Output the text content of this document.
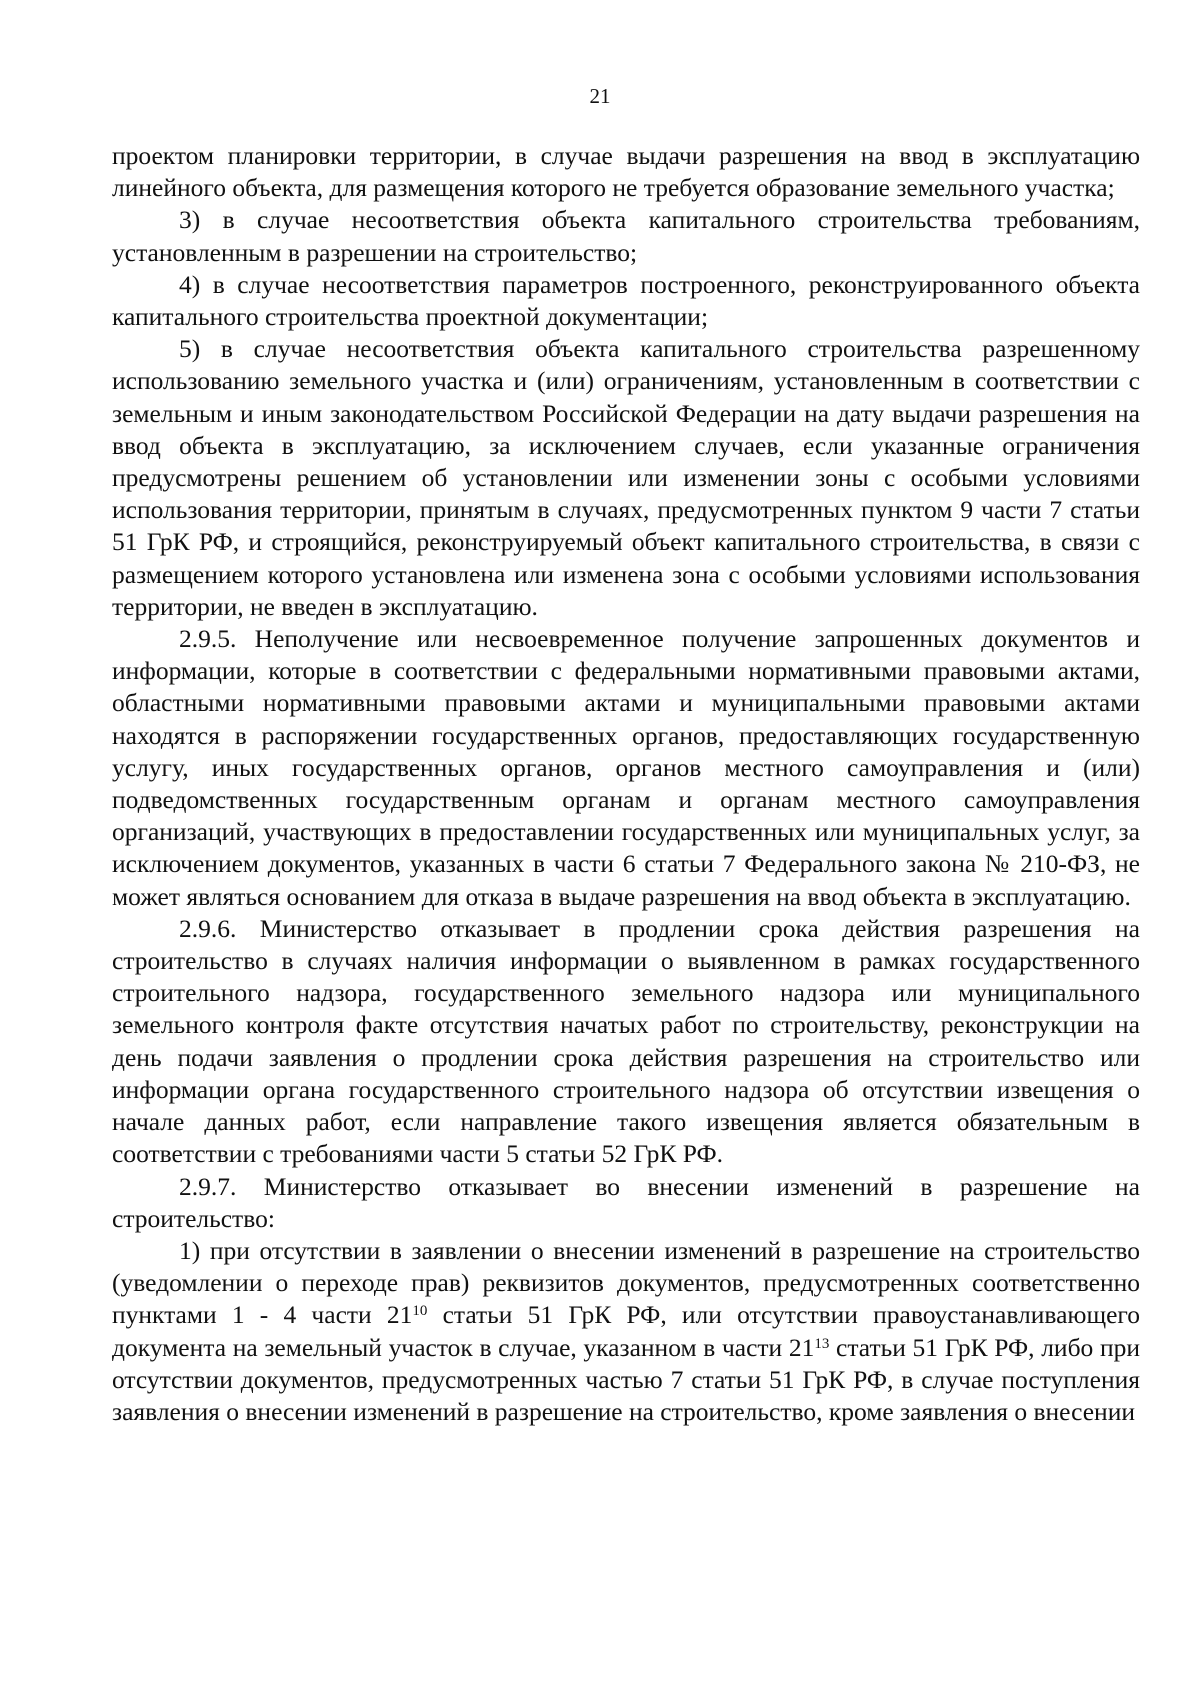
21

проектом планировки территории, в случае выдачи разрешения на ввод в эксплуатацию линейного объекта, для размещения которого не требуется образование земельного участка;

3) в случае несоответствия объекта капитального строительства требованиям, установленным в разрешении на строительство;

4) в случае несоответствия параметров построенного, реконструированного объекта капитального строительства проектной документации;

5) в случае несоответствия объекта капитального строительства разрешенному использованию земельного участка и (или) ограничениям, установленным в соответствии с земельным и иным законодательством Российской Федерации на дату выдачи разрешения на ввод объекта в эксплуатацию, за исключением случаев, если указанные ограничения предусмотрены решением об установлении или изменении зоны с особыми условиями использования территории, принятым в случаях, предусмотренных пунктом 9 части 7 статьи 51 ГрК РФ, и строящийся, реконструируемый объект капитального строительства, в связи с размещением которого установлена или изменена зона с особыми условиями использования территории, не введен в эксплуатацию.

2.9.5. Неполучение или несвоевременное получение запрошенных документов и информации, которые в соответствии с федеральными нормативными правовыми актами, областными нормативными правовыми актами и муниципальными правовыми актами находятся в распоряжении государственных органов, предоставляющих государственную услугу, иных государственных органов, органов местного самоуправления и (или) подведомственных государственным органам и органам местного самоуправления организаций, участвующих в предоставлении государственных или муниципальных услуг, за исключением документов, указанных в части 6 статьи 7 Федерального закона № 210-ФЗ, не может являться основанием для отказа в выдаче разрешения на ввод объекта в эксплуатацию.

2.9.6. Министерство отказывает в продлении срока действия разрешения на строительство в случаях наличия информации о выявленном в рамках государственного строительного надзора, государственного земельного надзора или муниципального земельного контроля факте отсутствия начатых работ по строительству, реконструкции на день подачи заявления о продлении срока действия разрешения на строительство или информации органа государственного строительного надзора об отсутствии извещения о начале данных работ, если направление такого извещения является обязательным в соответствии с требованиями части 5 статьи 52 ГрК РФ.

2.9.7. Министерство отказывает во внесении изменений в разрешение на строительство:

1) при отсутствии в заявлении о внесении изменений в разрешение на строительство (уведомлении о переходе прав) реквизитов документов, предусмотренных соответственно пунктами 1 - 4 части $21^{10}$ статьи 51 ГрК РФ, или отсутствии правоустанавливающего документа на земельный участок в случае, указанном в части $21^{13}$ статьи 51 ГрК РФ, либо при отсутствии документов, предусмотренных частью 7 статьи 51 ГрК РФ, в случае поступления заявления о внесении изменений в разрешение на строительство, кроме заявления о внесении
